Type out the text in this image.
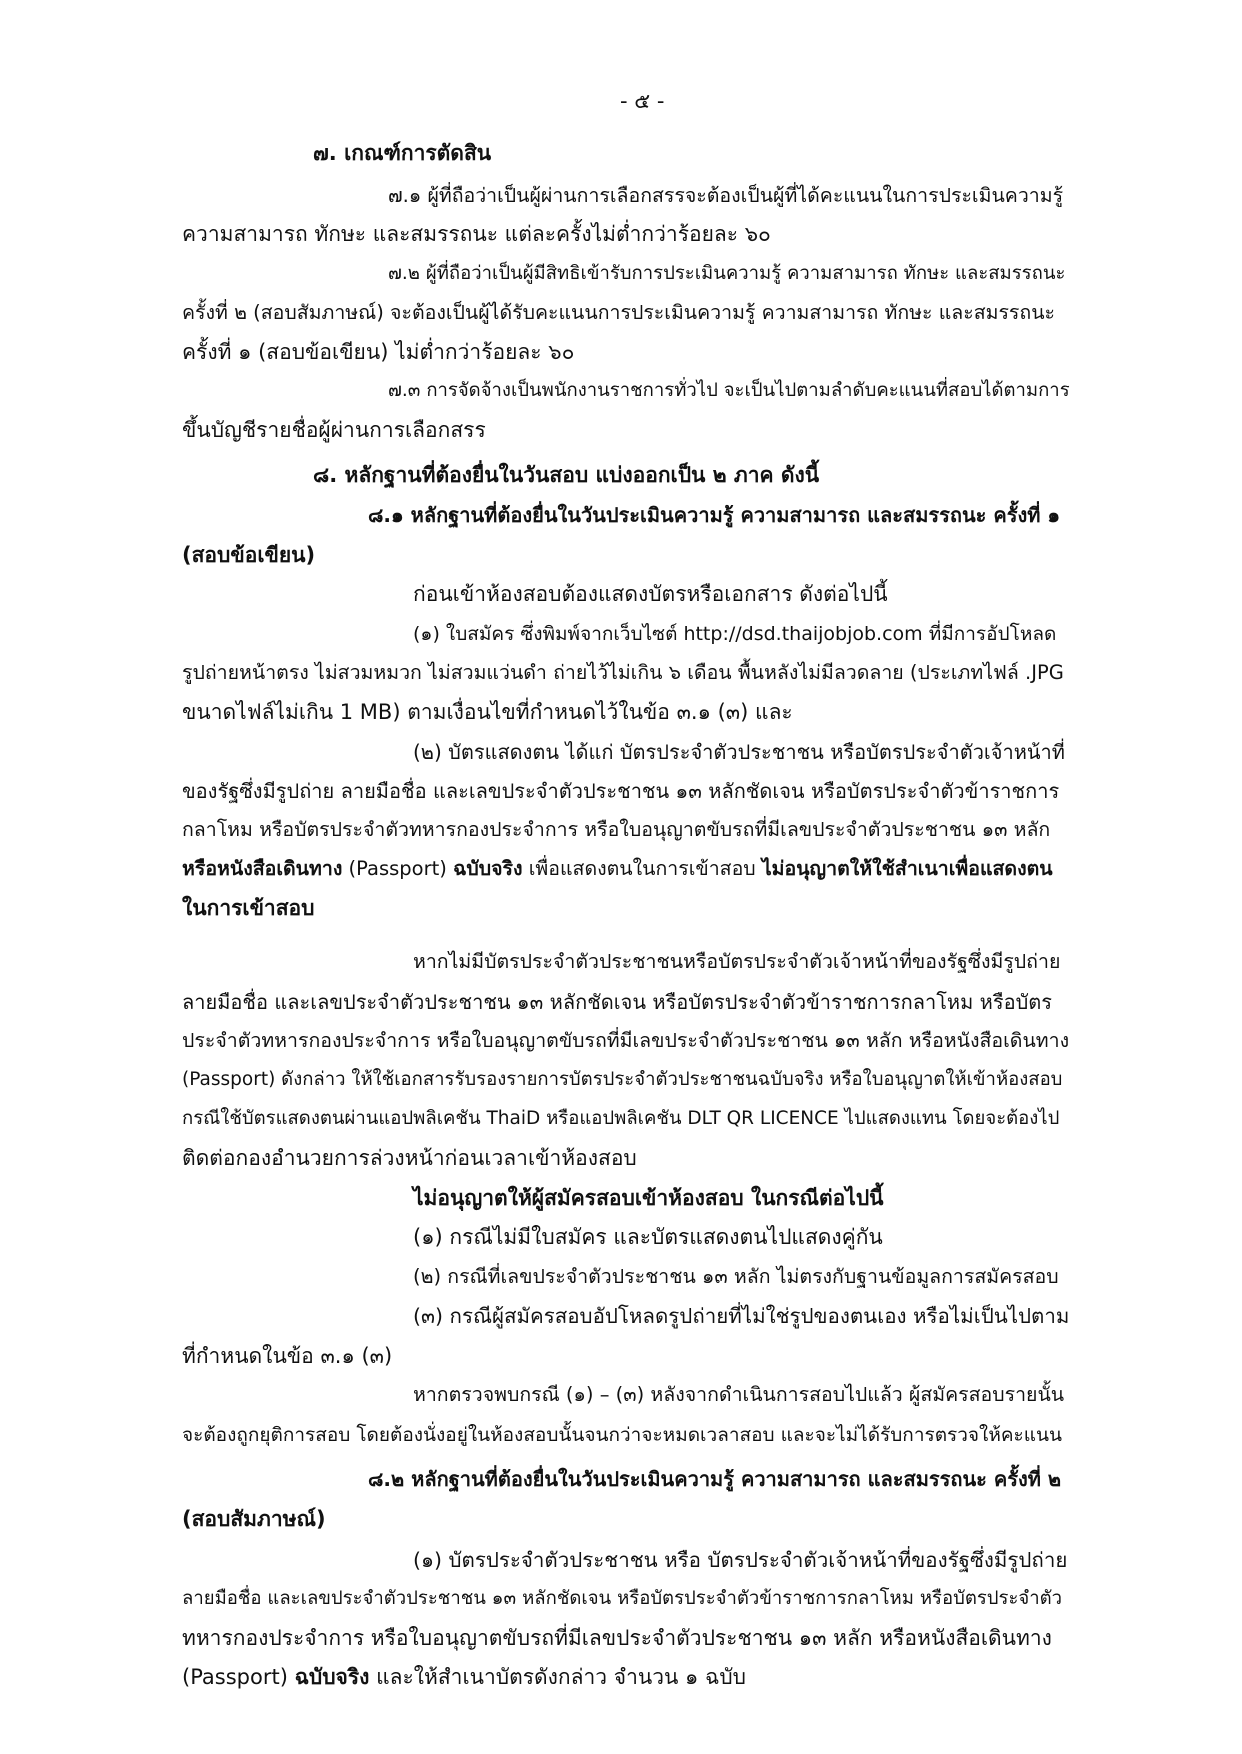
- ๕ -
๗. เกณฑ์การตัดสิน
๗.๑ ผู้ที่ถือว่าเป็นผู้ผ่านการเลือกสรรจะต้องเป็นผู้ที่ได้คะแนนในการประเมินความรู้
ความสามารถ ทักษะ และสมรรถนะ แต่ละครั้งไม่ต่ำกว่าร้อยละ ๖๐
๗.๒ ผู้ที่ถือว่าเป็นผู้มีสิทธิเข้ารับการประเมินความรู้ ความสามารถ ทักษะ และสมรรถนะ
ครั้งที่ ๒ (สอบสัมภาษณ์) จะต้องเป็นผู้ได้รับคะแนนการประเมินความรู้ ความสามารถ ทักษะ และสมรรถนะ
ครั้งที่ ๑ (สอบข้อเขียน) ไม่ต่ำกว่าร้อยละ ๖๐
๗.๓ การจัดจ้างเป็นพนักงานราชการทั่วไป จะเป็นไปตามลำดับคะแนนที่สอบได้ตามการ
ขึ้นบัญชีรายชื่อผู้ผ่านการเลือกสรร
๘. หลักฐานที่ต้องยื่นในวันสอบ แบ่งออกเป็น ๒ ภาค ดังนี้
๘.๑ หลักฐานที่ต้องยื่นในวันประเมินความรู้ ความสามารถ และสมรรถนะ ครั้งที่ ๑
(สอบข้อเขียน)
ก่อนเข้าห้องสอบต้องแสดงบัตรหรือเอกสาร ดังต่อไปนี้
(๑) ใบสมัคร ซึ่งพิมพ์จากเว็บไซต์ http://dsd.thaijobjob.com ที่มีการอัปโหลด
รูปถ่ายหน้าตรง ไม่สวมหมวก ไม่สวมแว่นดำ ถ่ายไว้ไม่เกิน ๖ เดือน พื้นหลังไม่มีลวดลาย (ประเภทไฟล์ .JPG
ขนาดไฟล์ไม่เกิน 1 MB) ตามเงื่อนไขที่กำหนดไว้ในข้อ ๓.๑ (๓) และ
(๒) บัตรแสดงตน ได้แก่ บัตรประจำตัวประชาชน หรือบัตรประจำตัวเจ้าหน้าที่
ของรัฐซึ่งมีรูปถ่าย ลายมือชื่อ และเลขประจำตัวประชาชน ๑๓ หลักชัดเจน หรือบัตรประจำตัวข้าราชการ
กลาโหม หรือบัตรประจำตัวทหารกองประจำการ หรือใบอนุญาตขับรถที่มีเลขประจำตัวประชาชน ๑๓ หลัก
หรือหนังสือเดินทาง (Passport) ฉบับจริง เพื่อแสดงตนในการเข้าสอบ ไม่อนุญาตให้ใช้สำเนาเพื่อแสดงตน
ในการเข้าสอบ
หากไม่มีบัตรประจำตัวประชาชนหรือบัตรประจำตัวเจ้าหน้าที่ของรัฐซึ่งมีรูปถ่าย
ลายมือชื่อ และเลขประจำตัวประชาชน ๑๓ หลักชัดเจน หรือบัตรประจำตัวข้าราชการกลาโหม หรือบัตร
ประจำตัวทหารกองประจำการ หรือใบอนุญาตขับรถที่มีเลขประจำตัวประชาชน ๑๓ หลัก หรือหนังสือเดินทาง
(Passport) ดังกล่าว ให้ใช้เอกสารรับรองรายการบัตรประจำตัวประชาชนฉบับจริง หรือใบอนุญาตให้เข้าห้องสอบ
กรณีใช้บัตรแสดงตนผ่านแอปพลิเคชัน ThaiD หรือแอปพลิเคชัน DLT QR LICENCE ไปแสดงแทน โดยจะต้องไป
ติดต่อกองอำนวยการล่วงหน้าก่อนเวลาเข้าห้องสอบ
ไม่อนุญาตให้ผู้สมัครสอบเข้าห้องสอบ ในกรณีต่อไปนี้
(๑) กรณีไม่มีใบสมัคร และบัตรแสดงตนไปแสดงคู่กัน
(๒) กรณีที่เลขประจำตัวประชาชน ๑๓ หลัก ไม่ตรงกับฐานข้อมูลการสมัครสอบ
(๓) กรณีผู้สมัครสอบอัปโหลดรูปถ่ายที่ไม่ใช่รูปของตนเอง หรือไม่เป็นไปตาม
ที่กำหนดในข้อ ๓.๑ (๓)
หากตรวจพบกรณี (๑) – (๓) หลังจากดำเนินการสอบไปแล้ว ผู้สมัครสอบรายนั้น
จะต้องถูกยุติการสอบ โดยต้องนั่งอยู่ในห้องสอบนั้นจนกว่าจะหมดเวลาสอบ และจะไม่ได้รับการตรวจให้คะแนน
๘.๒ หลักฐานที่ต้องยื่นในวันประเมินความรู้ ความสามารถ และสมรรถนะ ครั้งที่ ๒
(สอบสัมภาษณ์)
(๑) บัตรประจำตัวประชาชน หรือ บัตรประจำตัวเจ้าหน้าที่ของรัฐซึ่งมีรูปถ่าย
ลายมือชื่อ และเลขประจำตัวประชาชน ๑๓ หลักชัดเจน หรือบัตรประจำตัวข้าราชการกลาโหม หรือบัตรประจำตัว
ทหารกองประจำการ หรือใบอนุญาตขับรถที่มีเลขประจำตัวประชาชน ๑๓ หลัก หรือหนังสือเดินทาง
(Passport) ฉบับจริง และให้สำเนาบัตรดังกล่าว จำนวน ๑ ฉบับ
